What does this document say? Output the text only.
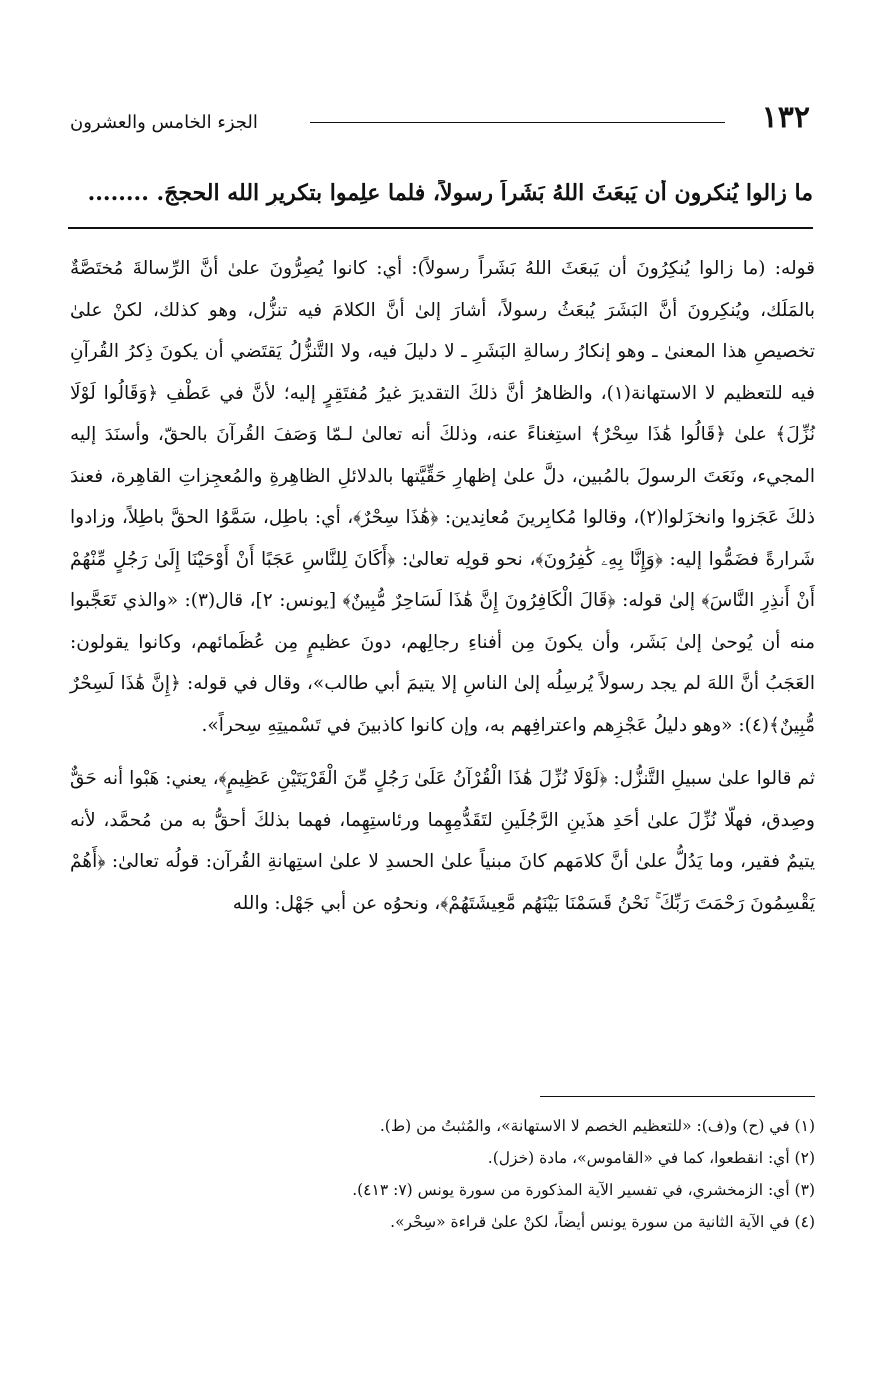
١٣٢
الجزء الخامس والعشرون
ما زالوا يُنكرون أن يَبعَثَ اللهُ بَشَراً رسولاً، فلما علِموا بتكريرِ الله الحججَ. ........

قوله: (ما زالوا يُنكِرُونَ أن يَبعَثَ اللهُ بَشَراً رسولاً): أي: كانوا يُصِرُّونَ علىٰ أنَّ الرِّسالةَ مُختَصَّةٌ بالمَلَك، ويُنكِرونَ أنَّ البَشَرَ يُبعَثُ رسولاً، أشارَ إلىٰ أنَّ الكلامَ فيه تنزُّل، وهو كذلك، لكنْ علىٰ تخصيصِ هذا المعنىٰ ـ وهو إنكارُ رسالةِ البَشَرِ ـ لا دليلَ فيه، ولا التَّنزُّلُ يَقتَضي أن يكونَ ذِكرُ القُرآنِ فيه للتعظيم لا الاستهانة(١)، والظاهرُ أنَّ ذلكَ التقديرَ غيرُ مُفتَقِرٍ إليه؛ لأنَّ في عَطْفِ ﴿وَقَالُوا لَوْلَا نُزِّلَ﴾ علىٰ ﴿قَالُوا هَٰذَا سِحْرٌ﴾ استِغناءً عنه، وذلكَ أنه تعالىٰ لـمّا وَصَفَ القُرآنَ بالحقّ، وأسنَدَ إليه المجيء، ونَعَتَ الرسولَ بالمُبين، دلَّ علىٰ إظهارِ حَقِّيَّتها بالدلائلِ الظاهِرةِ والمُعجِزاتِ القاهِرة، فعندَ ذلكَ عَجَزوا وانخزَلوا(٢)، وقالوا مُكابِرينَ مُعانِدين: ﴿هَٰذَا سِحْرٌ﴾، أي: باطِل، سَمَّوُا الحقَّ باطِلاً، وزادوا شَرارةً فضَمُّوا إليه: ﴿وَإِنَّا بِهِۦ كَٰفِرُونَ﴾، نحو قولِه تعالىٰ: ﴿أَكَانَ لِلنَّاسِ عَجَبًا أَنْ أَوْحَيْنَا إِلَىٰ رَجُلٍ مِّنْهُمْ أَنْ أَنذِرِ النَّاسَ﴾ إلىٰ قوله: ﴿قَالَ الْكَافِرُونَ إِنَّ هَٰذَا لَسَاحِرٌ مُّبِينٌ﴾ [يونس: ٢]، قال(٣): «والذي تَعَجَّبوا منه أن يُوحىٰ إلىٰ بَشَر، وأن يكونَ مِن أفناءِ رجالِهم، دونَ عظيمٍ مِن عُظَمائهم، وكانوا يقولون: العَجَبُ أنَّ اللهَ لم يجد رسولاً يُرسِلُه إلىٰ الناسِ إلا يتيمَ أبي طالب»، وقال في قوله: ﴿إِنَّ هَٰذَا لَسِحْرٌ مُّبِينٌ﴾(٤): «وهو دليلُ عَجْزِهم واعترافِهم به، وإن كانوا كاذبينَ في تَسْميتِهِ سِحراً».

ثم قالوا علىٰ سبيلِ التَّنزُّل: ﴿لَوْلَا نُزِّلَ هَٰذَا الْقُرْآنُ عَلَىٰ رَجُلٍ مِّنَ الْقَرْيَتَيْنِ عَظِيمٍ﴾، يعني: هَبْوا أنه حَقٌّ وصِدق، فهلّا نُزِّلَ علىٰ أحَدِ هذَينِ الرَّجُلَينِ لتَقَدُّمِهِما ورئاستِهِما، فهما بذلكَ أحقُّ به من مُحمَّد، لأنه يتيمٌ فقير، وما يَدُلُّ علىٰ أنَّ كلامَهم كانَ مبنياً علىٰ الحسدِ لا علىٰ استِهانةِ القُرآن: قولُه تعالىٰ: ﴿أَهُمْ يَقْسِمُونَ رَحْمَتَ رَبِّكَ ۚ نَحْنُ قَسَمْنَا بَيْنَهُم مَّعِيشَتَهُمْ﴾، ونحوُه عن أبي جَهْل: والله

(١) في (ح) و(ف): «للتعظيم الخصم لا الاستهانة»، والمُثبتُ من (ط).
(٢) أي: انقطعوا، كما في «القاموس»، مادة (خزل).
(٣) أي: الزمخشري، في تفسير الآية المذكورة من سورة يونس (٧: ٤١٣).
(٤) في الآية الثانية من سورة يونس أيضاً، لكنْ علىٰ قراءة «سِحْر».
